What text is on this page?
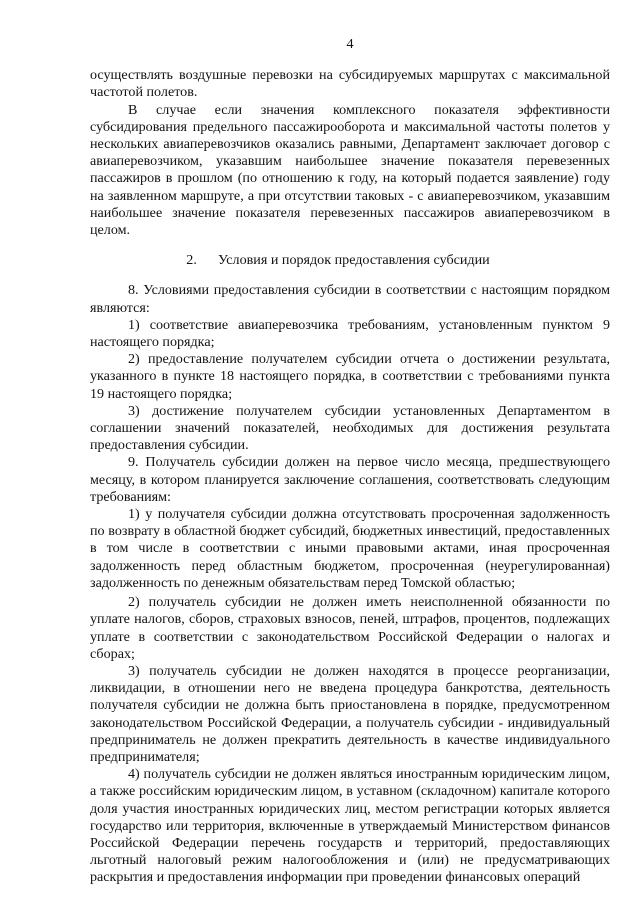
4

осуществлять воздушные перевозки на субсидируемых маршрутах с максимальной частотой полетов.

В случае если значения комплексного показателя эффективности субсидирования предельного пассажирооборота и максимальной частоты полетов у нескольких авиаперевозчиков оказались равными, Департамент заключает договор с авиаперевозчиком, указавшим наибольшее значение показателя перевезенных пассажиров в прошлом (по отношению к году, на который подается заявление) году на заявленном маршруте, а при отсутствии таковых - с авиаперевозчиком, указавшим наибольшее значение показателя перевезенных пассажиров авиаперевозчиком в целом.

2.      Условия и порядок предоставления субсидии

8. Условиями предоставления субсидии в соответствии с настоящим порядком являются:

1) соответствие авиаперевозчика требованиям, установленным пунктом 9 настоящего порядка;

2) предоставление получателем субсидии отчета о достижении результата, указанного в пункте 18 настоящего порядка, в соответствии с требованиями пункта 19 настоящего порядка;

3) достижение получателем субсидии установленных Департаментом в соглашении значений показателей, необходимых для достижения результата предоставления субсидии.

9. Получатель субсидии должен на первое число месяца, предшествующего месяцу, в котором планируется заключение соглашения, соответствовать следующим требованиям:

1) у получателя субсидии должна отсутствовать просроченная задолженность по возврату в областной бюджет субсидий, бюджетных инвестиций, предоставленных в том числе в соответствии с иными правовыми актами, иная просроченная задолженность перед областным бюджетом, просроченная (неурегулированная) задолженность по денежным обязательствам перед Томской областью;

2) получатель субсидии не должен иметь неисполненной обязанности по уплате налогов, сборов, страховых взносов, пеней, штрафов, процентов, подлежащих уплате в соответствии с законодательством Российской Федерации о налогах и сборах;

3) получатель субсидии не должен находятся в процессе реорганизации, ликвидации, в отношении него не введена процедура банкротства, деятельность получателя субсидии не должна быть приостановлена в порядке, предусмотренном законодательством Российской Федерации, а получатель субсидии - индивидуальный предприниматель не должен прекратить деятельность в качестве индивидуального предпринимателя;

4) получатель субсидии не должен являться иностранным юридическим лицом, а также российским юридическим лицом, в уставном (складочном) капитале которого доля участия иностранных юридических лиц, местом регистрации которых является государство или территория, включенные в утверждаемый Министерством финансов Российской Федерации перечень государств и территорий, предоставляющих льготный налоговый режим налогообложения и (или) не предусматривающих раскрытия и предоставления информации при проведении финансовых операций
